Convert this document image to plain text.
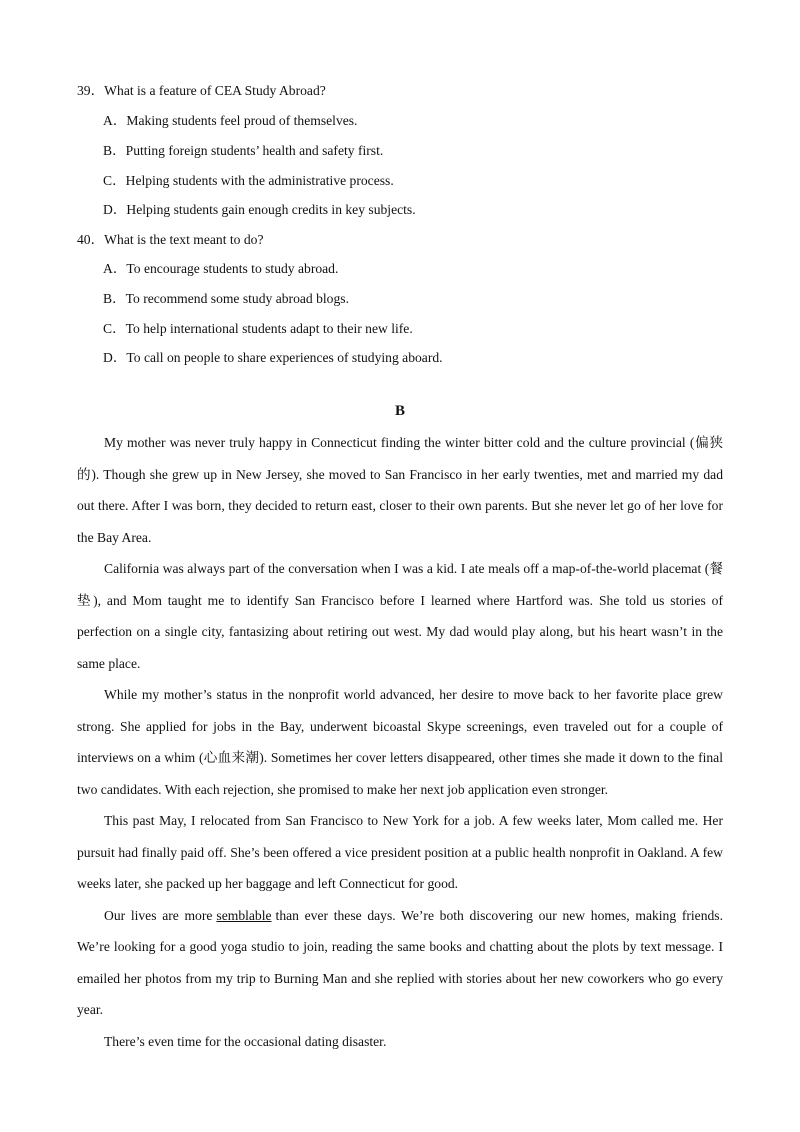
39．What is a feature of CEA Study Abroad?
A．Making students feel proud of themselves.
B．Putting foreign students’ health and safety first.
C．Helping students with the administrative process.
D．Helping students gain enough credits in key subjects.
40．What is the text meant to do?
A．To encourage students to study abroad.
B．To recommend some study abroad blogs.
C．To help international students adapt to their new life.
D．To call on people to share experiences of studying aboard.
B

My mother was never truly happy in Connecticut finding the winter bitter cold and the culture provincial (偏狭的). Though she grew up in New Jersey, she moved to San Francisco in her early twenties, met and married my dad out there. After I was born, they decided to return east, closer to their own parents. But she never let go of her love for the Bay Area.

California was always part of the conversation when I was a kid. I ate meals off a map-of-the-world placemat (餐垫), and Mom taught me to identify San Francisco before I learned where Hartford was. She told us stories of perfection on a single city, fantasizing about retiring out west. My dad would play along, but his heart wasn’t in the same place.

While my mother’s status in the nonprofit world advanced, her desire to move back to her favorite place grew strong. She applied for jobs in the Bay, underwent bicoastal Skype screenings, even traveled out for a couple of interviews on a whim (心血来潮). Sometimes her cover letters disappeared, other times she made it down to the final two candidates. With each rejection, she promised to make her next job application even stronger.

This past May, I relocated from San Francisco to New York for a job. A few weeks later, Mom called me. Her pursuit had finally paid off. She’s been offered a vice president position at a public health nonprofit in Oakland. A few weeks later, she packed up her baggage and left Connecticut for good.

Our lives are more semblable than ever these days. We’re both discovering our new homes, making friends. We’re looking for a good yoga studio to join, reading the same books and chatting about the plots by text message. I emailed her photos from my trip to Burning Man and she replied with stories about her new coworkers who go every year.

There’s even time for the occasional dating disaster.
